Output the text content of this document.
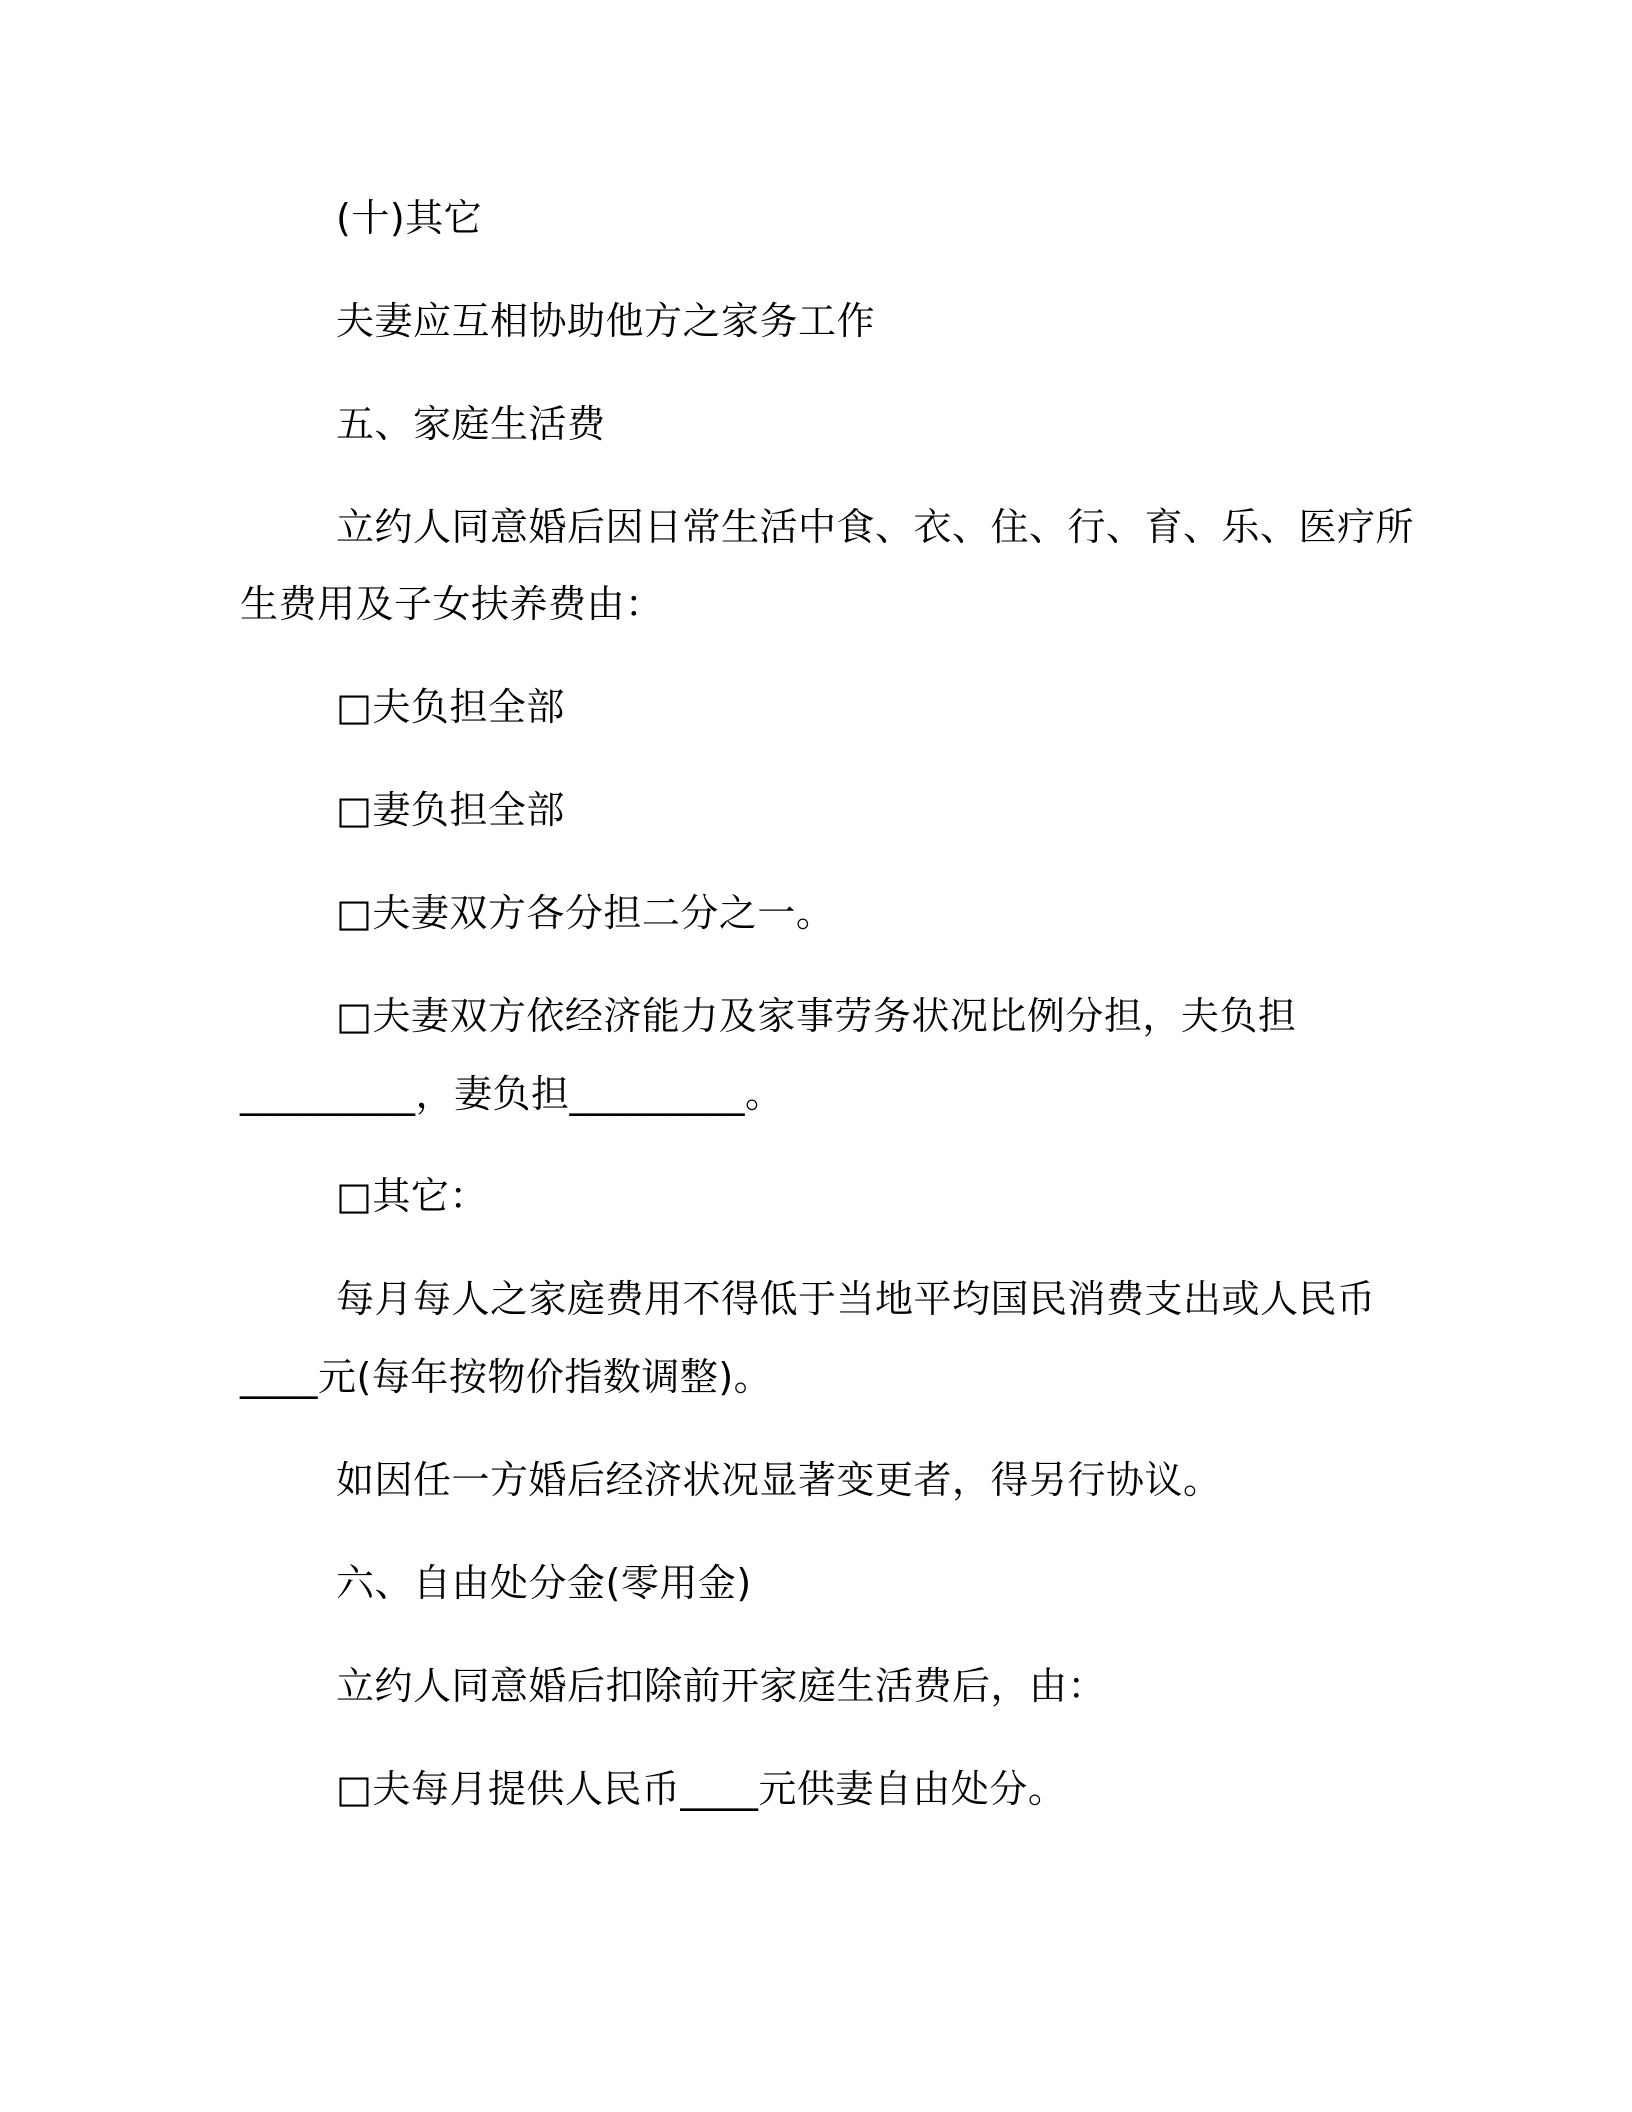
(十)其它
夫妻应互相协助他方之家务工作
五、家庭生活费
立约人同意婚后因日常生活中食、衣、住、行、育、乐、医疗所
生费用及子女扶养费由：
□夫负担全部
□妻负担全部
□夫妻双方各分担二分之一。
□夫妻双方依经济能力及家事劳务状况比例分担，夫负担
_________，妻负担_________。
□其它：
每月每人之家庭费用不得低于当地平均国民消费支出或人民币
____元(每年按物价指数调整)。
如因任一方婚后经济状况显著变更者，得另行协议。
六、自由处分金(零用金)
立约人同意婚后扣除前开家庭生活费后，由：
□夫每月提供人民币____元供妻自由处分。
